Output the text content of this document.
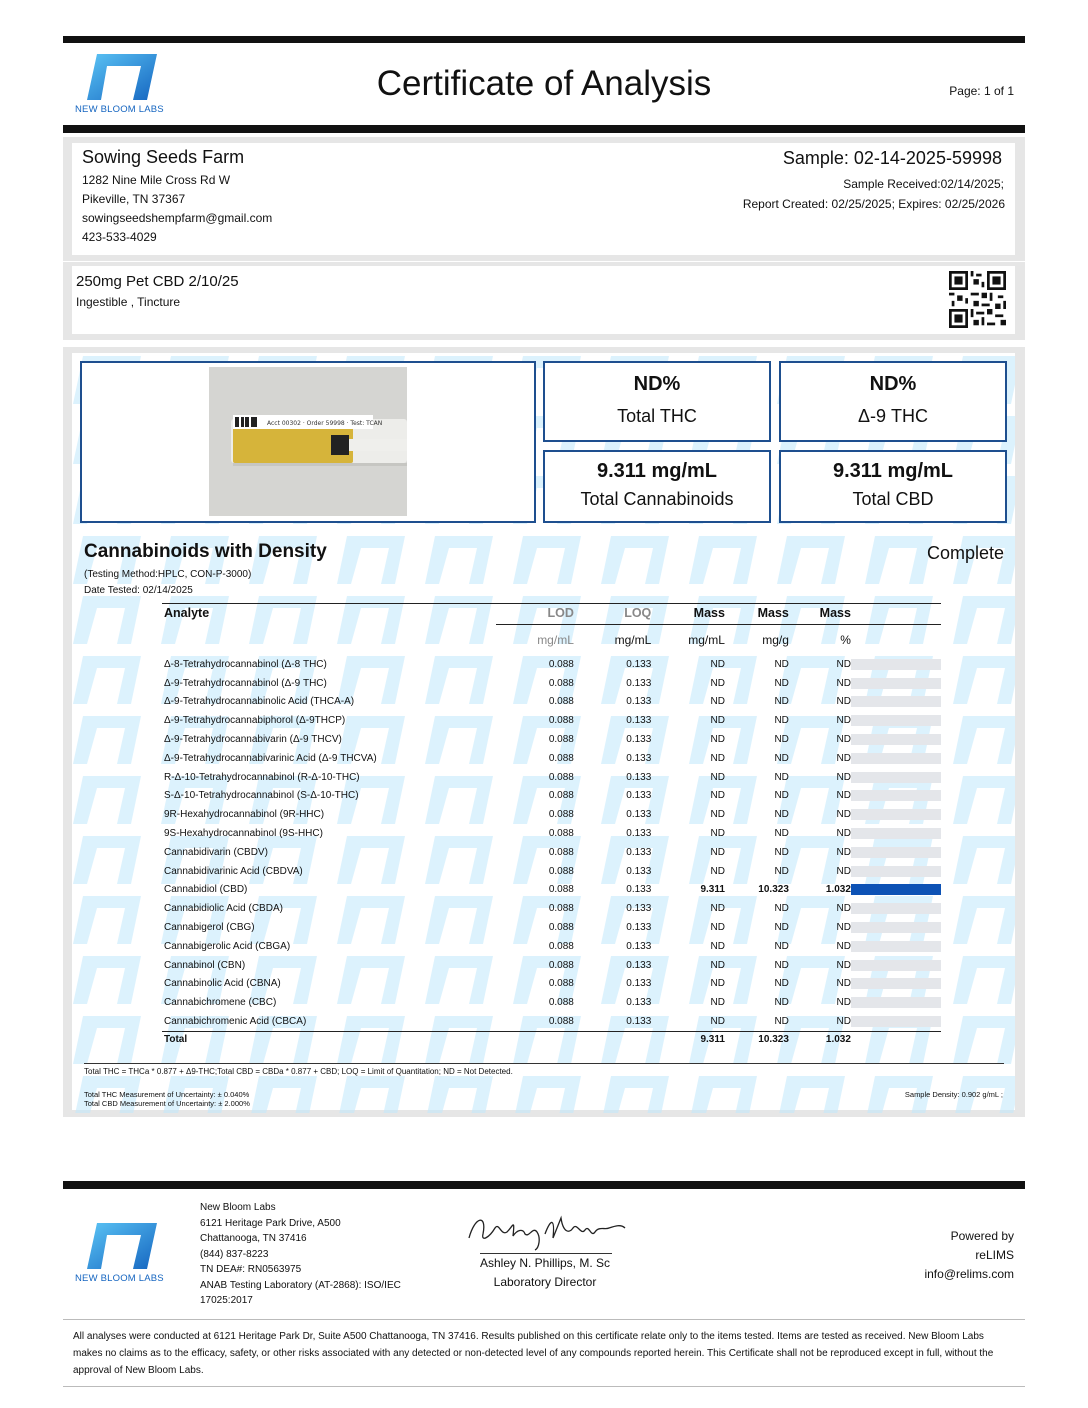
NEW BLOOM LABS
Certificate of Analysis	Page: 1 of 1
Sowing Seeds Farm
1282 Nine Mile Cross Rd W
Pikeville, TN 37367
sowingseedshempfarm@gmail.com
423-533-4029
Sample: 02-14-2025-59998
Sample Received:02/14/2025;
Report Created: 02/25/2025; Expires: 02/25/2026
250mg Pet CBD 2/10/25
Ingestible , Tincture
Acct 00302 · Order 59998 · Test: TCAN
ND%
Total THC
ND%
Δ-9 THC
9.311 mg/mL
Total Cannabinoids
9.311 mg/mL
Total CBD
Cannabinoids with Density	Complete
(Testing Method:HPLC, CON-P-3000)
Date Tested: 02/14/2025
Analyte	LOD	LOQ	Mass	Mass	Mass	
	mg/mL	mg/mL	mg/mL	mg/g	%	
Δ-8-Tetrahydrocannabinol (Δ-8 THC)	0.088	0.133	ND	ND	ND	
Δ-9-Tetrahydrocannabinol (Δ-9 THC)	0.088	0.133	ND	ND	ND	
Δ-9-Tetrahydrocannabinolic Acid (THCA-A)	0.088	0.133	ND	ND	ND	
Δ-9-Tetrahydrocannabiphorol (Δ-9THCP)	0.088	0.133	ND	ND	ND	
Δ-9-Tetrahydrocannabivarin (Δ-9 THCV)	0.088	0.133	ND	ND	ND	
Δ-9-Tetrahydrocannabivarinic Acid (Δ-9 THCVA)	0.088	0.133	ND	ND	ND	
R-Δ-10-Tetrahydrocannabinol (R-Δ-10-THC)	0.088	0.133	ND	ND	ND	
S-Δ-10-Tetrahydrocannabinol (S-Δ-10-THC)	0.088	0.133	ND	ND	ND	
9R-Hexahydrocannabinol (9R-HHC)	0.088	0.133	ND	ND	ND	
9S-Hexahydrocannabinol (9S-HHC)	0.088	0.133	ND	ND	ND	
Cannabidivarin (CBDV)	0.088	0.133	ND	ND	ND	
Cannabidivarinic Acid (CBDVA)	0.088	0.133	ND	ND	ND	
Cannabidiol (CBD)	0.088	0.133	9.311	10.323	1.032	
Cannabidiolic Acid (CBDA)	0.088	0.133	ND	ND	ND	
Cannabigerol (CBG)	0.088	0.133	ND	ND	ND	
Cannabigerolic Acid (CBGA)	0.088	0.133	ND	ND	ND	
Cannabinol (CBN)	0.088	0.133	ND	ND	ND	
Cannabinolic Acid (CBNA)	0.088	0.133	ND	ND	ND	
Cannabichromene (CBC)	0.088	0.133	ND	ND	ND	
Cannabichromenic Acid (CBCA)	0.088	0.133	ND	ND	ND	
Total			9.311	10.323	1.032	
Total THC = THCa * 0.877 + Δ9-THC;Total CBD = CBDa * 0.877 + CBD; LOQ = Limit of Quantitation; ND = Not Detected.
Total THC Measurement of Uncertainty: ± 0.040%
Total CBD Measurement of Uncertainty: ± 2.000%
Sample Density: 0.902 g/mL ;
NEW BLOOM LABS
New Bloom Labs
6121 Heritage Park Drive, A500
Chattanooga, TN 37416
(844) 837-8223
TN DEA#: RN0563975
ANAB Testing Laboratory (AT-2868): ISO/IEC
17025:2017
Ashley N Phillips
Ashley N. Phillips, M. Sc
Laboratory Director
Powered by
reLIMS
info@relims.com
All analyses were conducted at 6121 Heritage Park Dr, Suite A500 Chattanooga, TN 37416. Results published on this certificate relate only to the items tested. Items are tested as received. New Bloom Labs makes no claims as to the efficacy, safety, or other risks associated with any detected or non-detected level of any compounds reported herein. This Certificate shall not be reproduced except in full, without the approval of New Bloom Labs.
